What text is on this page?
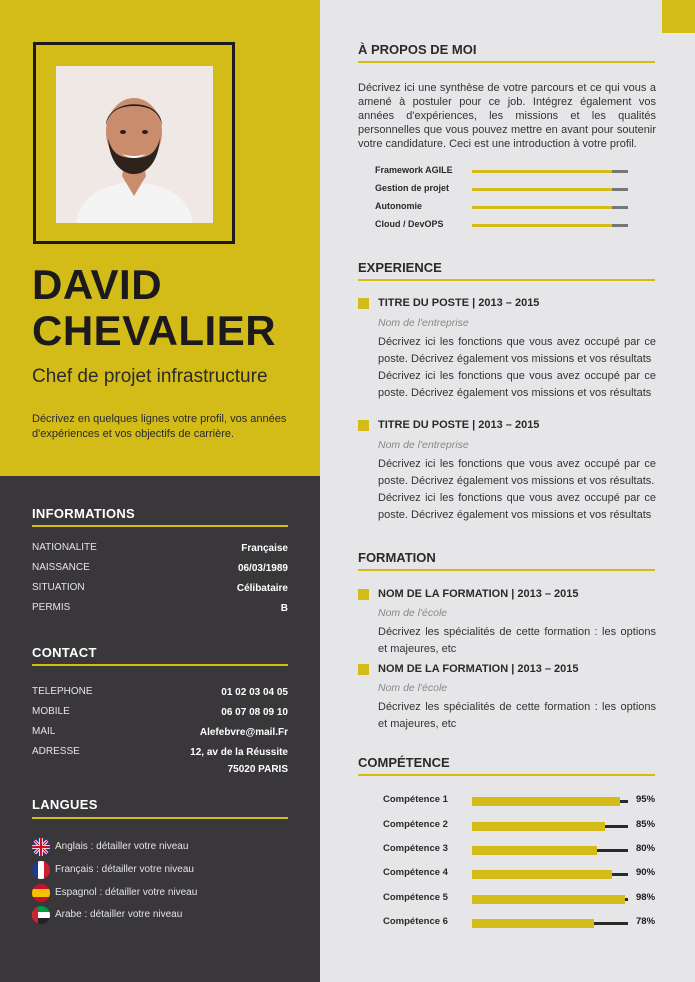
DAVID
CHEVALIER
Chef de projet infrastructure
Décrivez en quelques lignes votre profil, vos années d'expériences et vos objectifs de carrière.
INFORMATIONS
NATIONALITE	Française
NAISSANCE	06/03/1989
SITUATION	Célibataire
PERMIS	B
CONTACT
TELEPHONE	01 02 03 04 05
MOBILE	06 07 08 09 10
MAIL	Alefebvre@mail.Fr
ADRESSE	12, av de la Réussite
75020 PARIS
LANGUES
Anglais : détailler votre niveau
Français : détailler votre niveau
Espagnol : détailler votre niveau
Arabe : détailler votre niveau
À PROPOS DE MOI
Décrivez ici une synthèse de votre parcours et ce qui vous a amené à postuler pour ce job. Intégrez également vos années d'expériences, les missions et les qualités personnelles que vous pouvez mettre en avant pour soutenir votre candidature. Ceci est une introduction à votre profil.
Framework AGILE
Gestion de projet
Autonomie
Cloud / DevOPS
EXPERIENCE
TITRE DU POSTE | 2013 – 2015
Nom de l'entreprise
Décrivez ici les fonctions que vous avez occupé par ce poste. Décrivez également vos missions et vos résultats
Décrivez ici les fonctions que vous avez occupé par ce poste. Décrivez également vos missions et vos résultats
TITRE DU POSTE | 2013 – 2015
Nom de l'entreprise
Décrivez ici les fonctions que vous avez occupé par ce poste. Décrivez également vos missions et vos résultats.
Décrivez ici les fonctions que vous avez occupé par ce poste. Décrivez également vos missions et vos résultats
FORMATION
NOM DE LA FORMATION | 2013 – 2015
Nom de l'école
Décrivez les spécialités de cette formation : les options et majeures, etc
NOM DE LA FORMATION | 2013 – 2015
Nom de l'école
Décrivez les spécialités de cette formation : les options et majeures, etc
COMPÉTENCE
Compétence 1	95%
Compétence 2	85%
Compétence 3	80%
Compétence 4	90%
Compétence 5	98%
Compétence 6	78%
